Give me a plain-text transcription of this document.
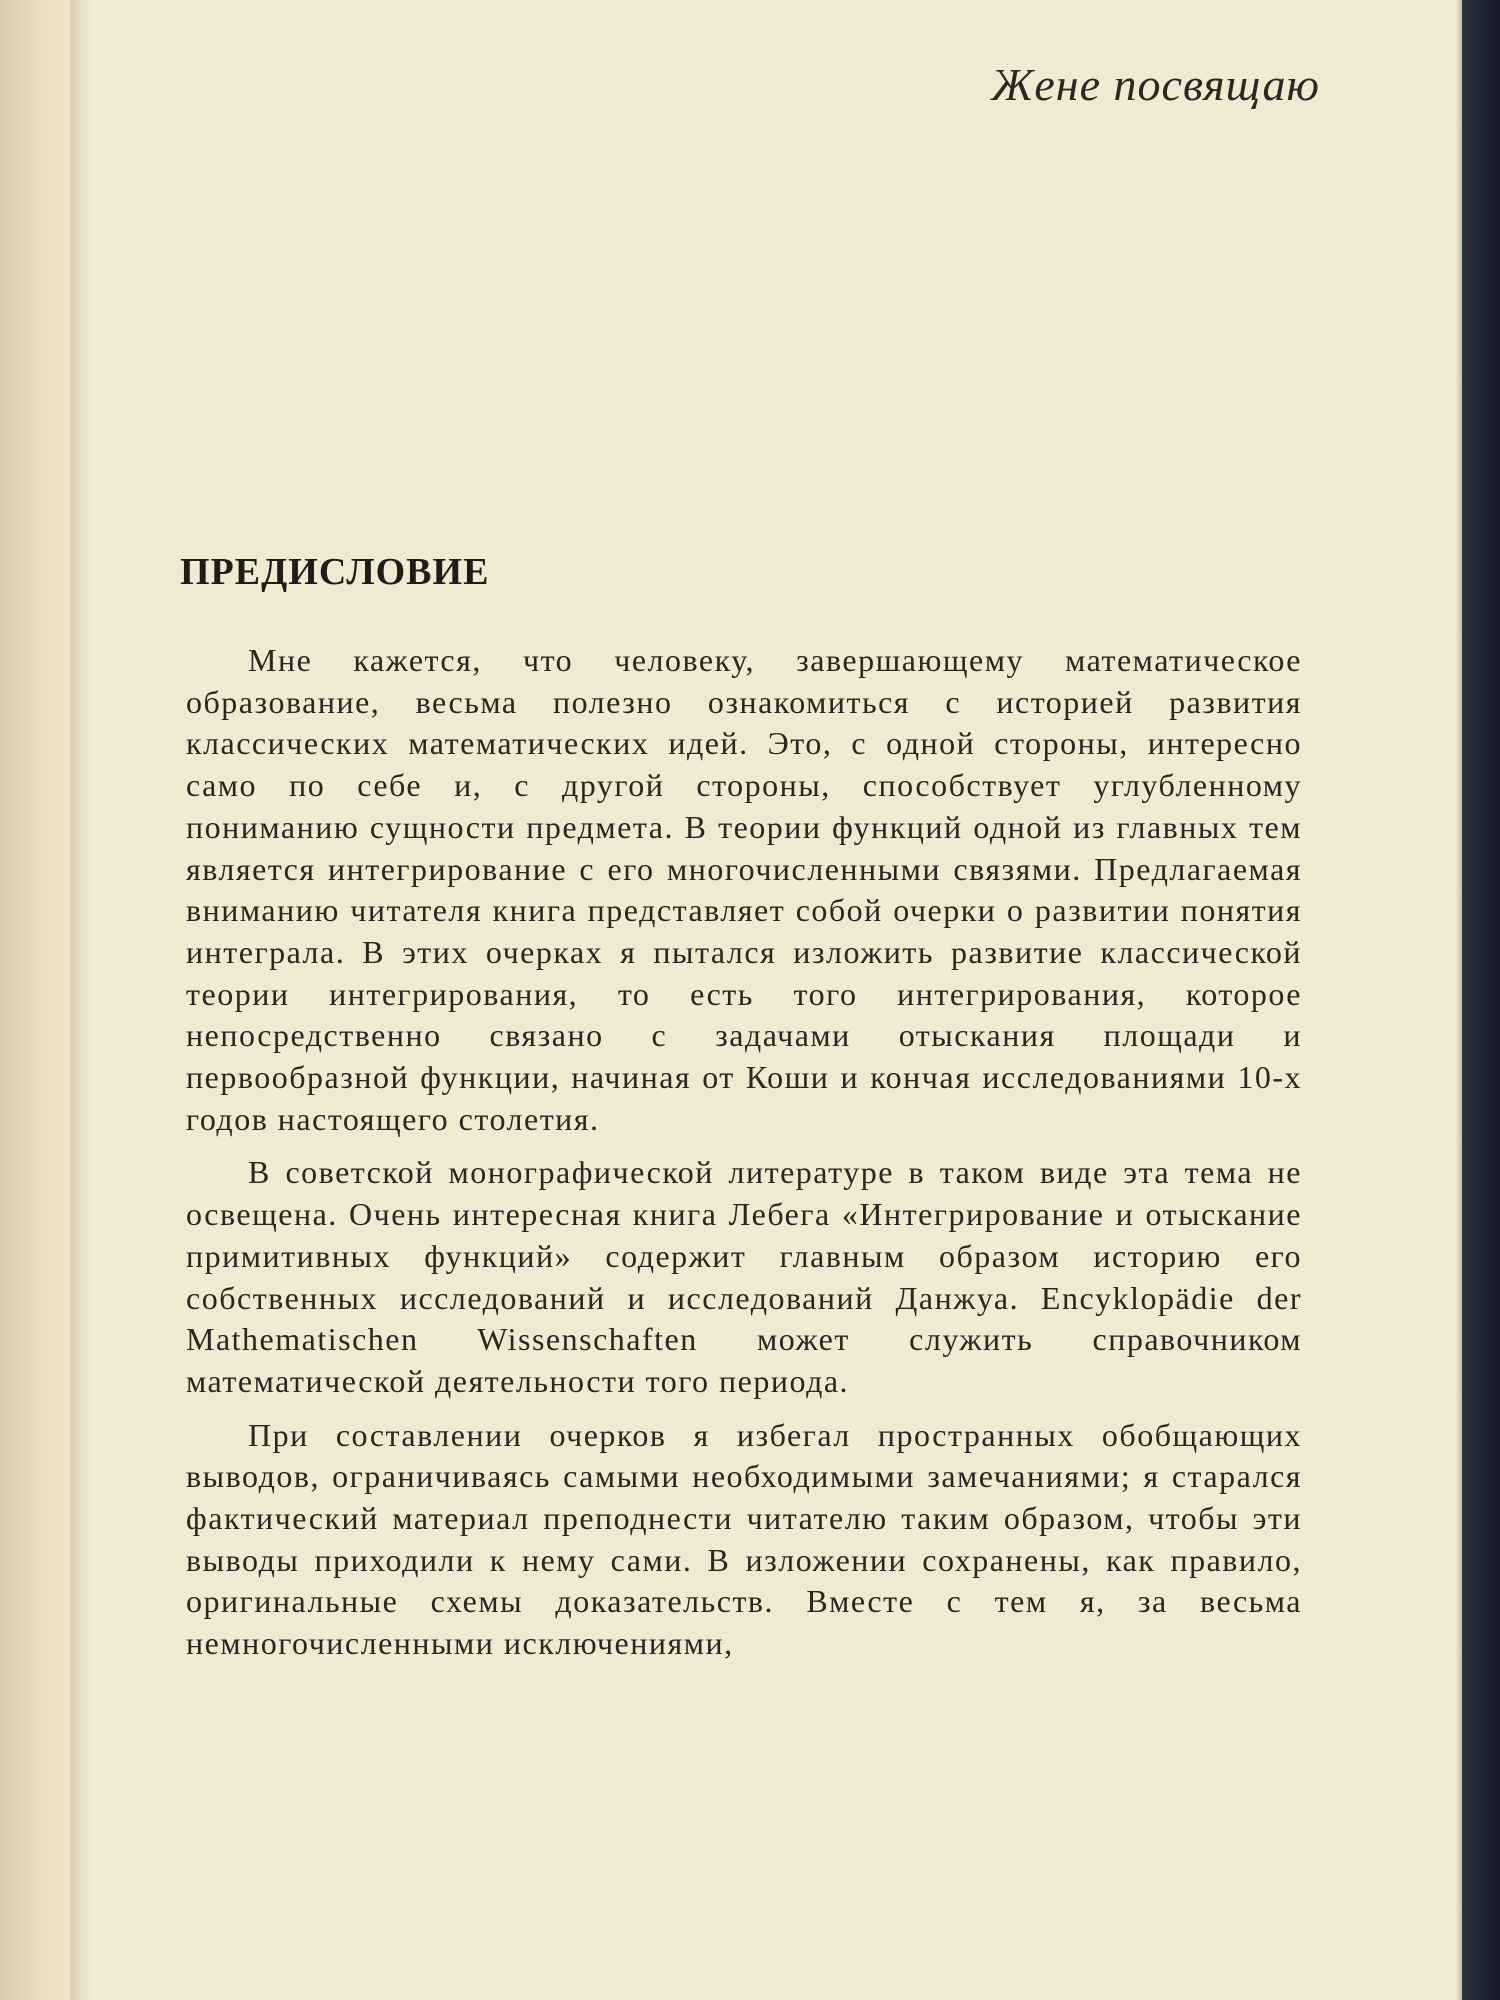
Жене посвящаю
ПРЕДИСЛОВИЕ

Мне кажется, что человеку, завершающему математическое образование, весьма полезно ознакомиться с историей развития классических математических идей. Это, с одной стороны, интересно само по себе и, с другой стороны, способствует углубленному пониманию сущности предмета. В теории функций одной из главных тем является интегрирование с его многочисленными связями. Предлагаемая вниманию читателя книга представляет собой очерки о развитии понятия интеграла. В этих очерках я пытался изложить развитие классической теории интегрирования, то есть того интегрирования, которое непосредственно связано с задачами отыскания площади и первообразной функции, начиная от Коши и кончая исследованиями 10-х годов настоящего столетия.

В советской монографической литературе в таком виде эта тема не освещена. Очень интересная книга Лебега «Интегрирование и отыскание примитивных функций» содержит главным образом историю его собственных исследований и исследований Данжуа. Encyklopädie der Mathematischen Wissenschaften может служить справочником математической деятельности того периода.

При составлении очерков я избегал пространных обобщающих выводов, ограничиваясь самыми необходимыми замечаниями; я старался фактический материал преподнести читателю таким образом, чтобы эти выводы приходили к нему сами. В изложении сохранены, как правило, оригинальные схемы доказательств. Вместе с тем я, за весьма немногочисленными исключениями,
